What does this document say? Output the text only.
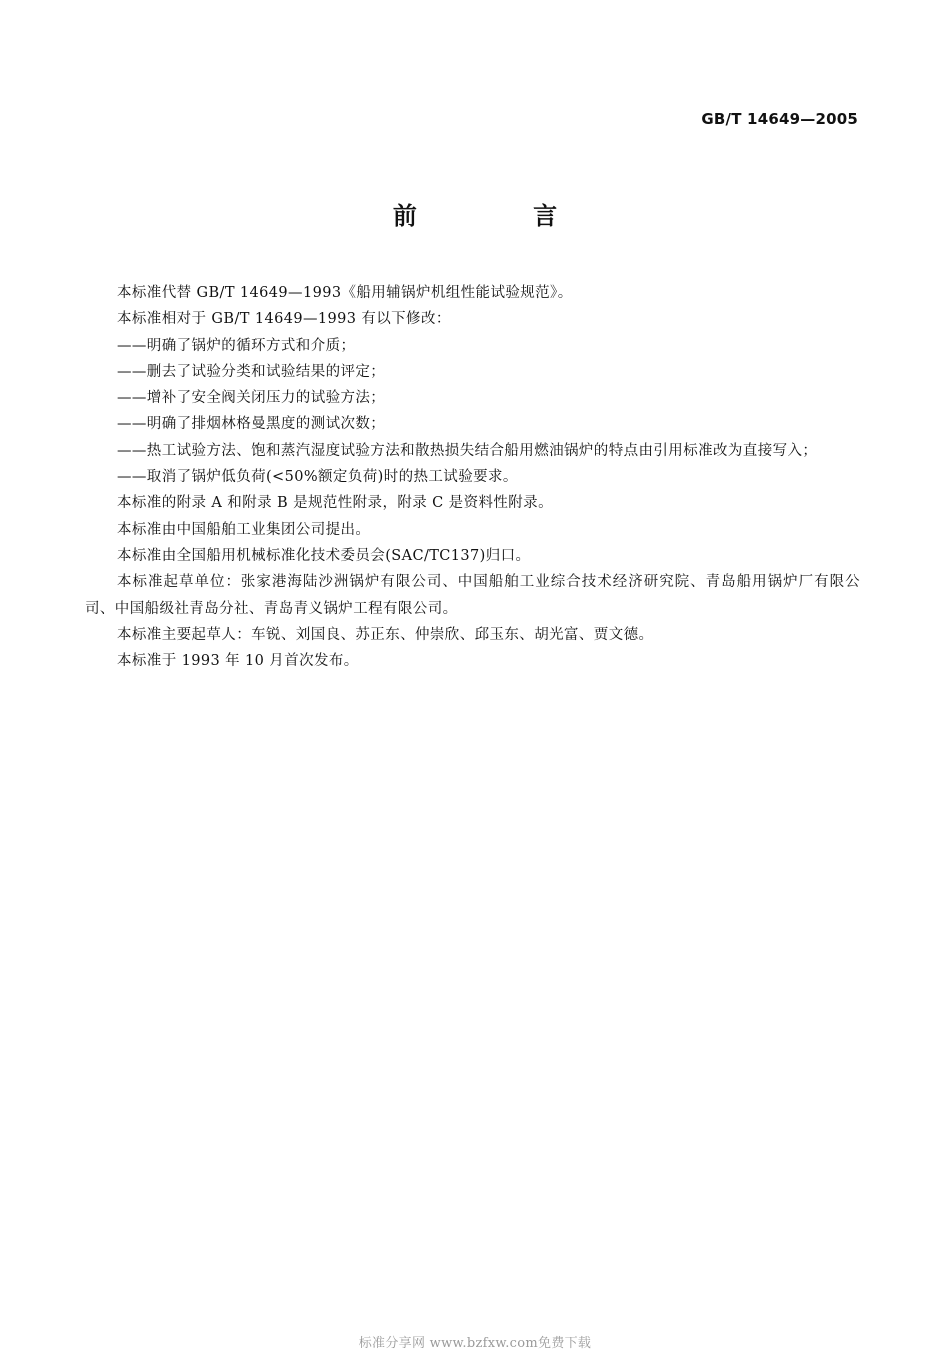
GB/T 14649—2005
前 言

本标准代替 GB/T 14649—1993《船用辅锅炉机组性能试验规范》。

本标准相对于 GB/T 14649—1993 有以下修改：

——明确了锅炉的循环方式和介质；

——删去了试验分类和试验结果的评定；

——增补了安全阀关闭压力的试验方法；

——明确了排烟林格曼黑度的测试次数；

——热工试验方法、饱和蒸汽湿度试验方法和散热损失结合船用燃油锅炉的特点由引用标准改为直接写入；

——取消了锅炉低负荷(<50%额定负荷)时的热工试验要求。

本标准的附录 A 和附录 B 是规范性附录，附录 C 是资料性附录。

本标准由中国船舶工业集团公司提出。

本标准由全国船用机械标准化技术委员会(SAC/TC137)归口。

本标准起草单位：张家港海陆沙洲锅炉有限公司、中国船舶工业综合技术经济研究院、青岛船用锅炉厂有限公司、中国船级社青岛分社、青岛青义锅炉工程有限公司。

本标准主要起草人：车锐、刘国良、苏正东、仲崇欣、邱玉东、胡光富、贾文德。

本标准于 1993 年 10 月首次发布。

标准分享网 www.bzfxw.com免费下载
